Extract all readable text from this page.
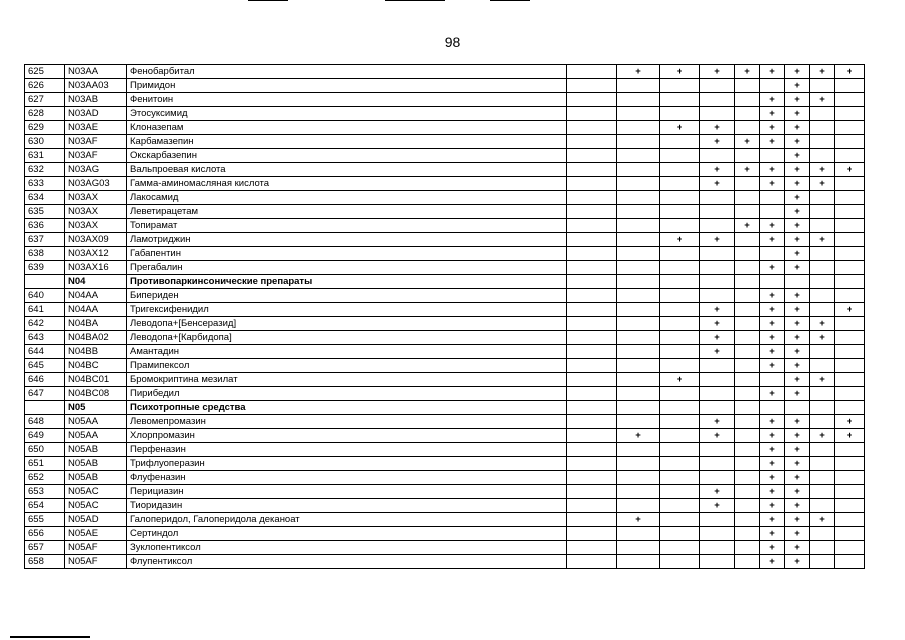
98
625	N03AA	Фенобарбитал		+	+	+	+	+	+	+	+
626	N03AA03	Примидон							+		
627	N03AB	Фенитоин						+	+	+	
628	N03AD	Этосуксимид						+	+		
629	N03AE	Клоназепам			+	+		+	+		
630	N03AF	Карбамазепин				+	+	+	+		
631	N03AF	Окскарбазепин							+		
632	N03AG	Вальпроевая кислота				+	+	+	+	+	+
633	N03AG03	Гамма-аминомасляная кислота				+		+	+	+	
634	N03AX	Лакосамид							+		
635	N03AX	Леветирацетам							+		
636	N03AX	Топирамат					+	+	+		
637	N03AX09	Ламотриджин			+	+		+	+	+	
638	N03AX12	Габапентин							+		
639	N03AX16	Прегабалин						+	+		
	N04	Противопаркинсонические препараты									
640	N04AA	Бипериден						+	+		
641	N04AA	Тригексифенидил				+		+	+		+
642	N04BA	Леводопа+[Бенсеразид]				+		+	+	+	
643	N04BA02	Леводопа+[Карбидопа]				+		+	+	+	
644	N04BB	Амантадин				+		+	+		
645	N04BC	Прамипексол						+	+		
646	N04BC01	Бромокриптина мезилат			+				+	+	
647	N04BC08	Пирибедил						+	+		
	N05	Психотропные средства									
648	N05AA	Левомепромазин				+		+	+		+
649	N05AA	Хлорпромазин		+		+		+	+	+	+
650	N05AB	Перфеназин						+	+		
651	N05AB	Трифлуоперазин						+	+		
652	N05AB	Флуфеназин						+	+		
653	N05AC	Перициазин				+		+	+		
654	N05AC	Тиоридазин				+		+	+		
655	N05AD	Галоперидол, Галоперидола деканоат		+				+	+	+	
656	N05AE	Сертиндол						+	+		
657	N05AF	Зуклопентиксол						+	+		
658	N05AF	Флупентиксол						+	+		
